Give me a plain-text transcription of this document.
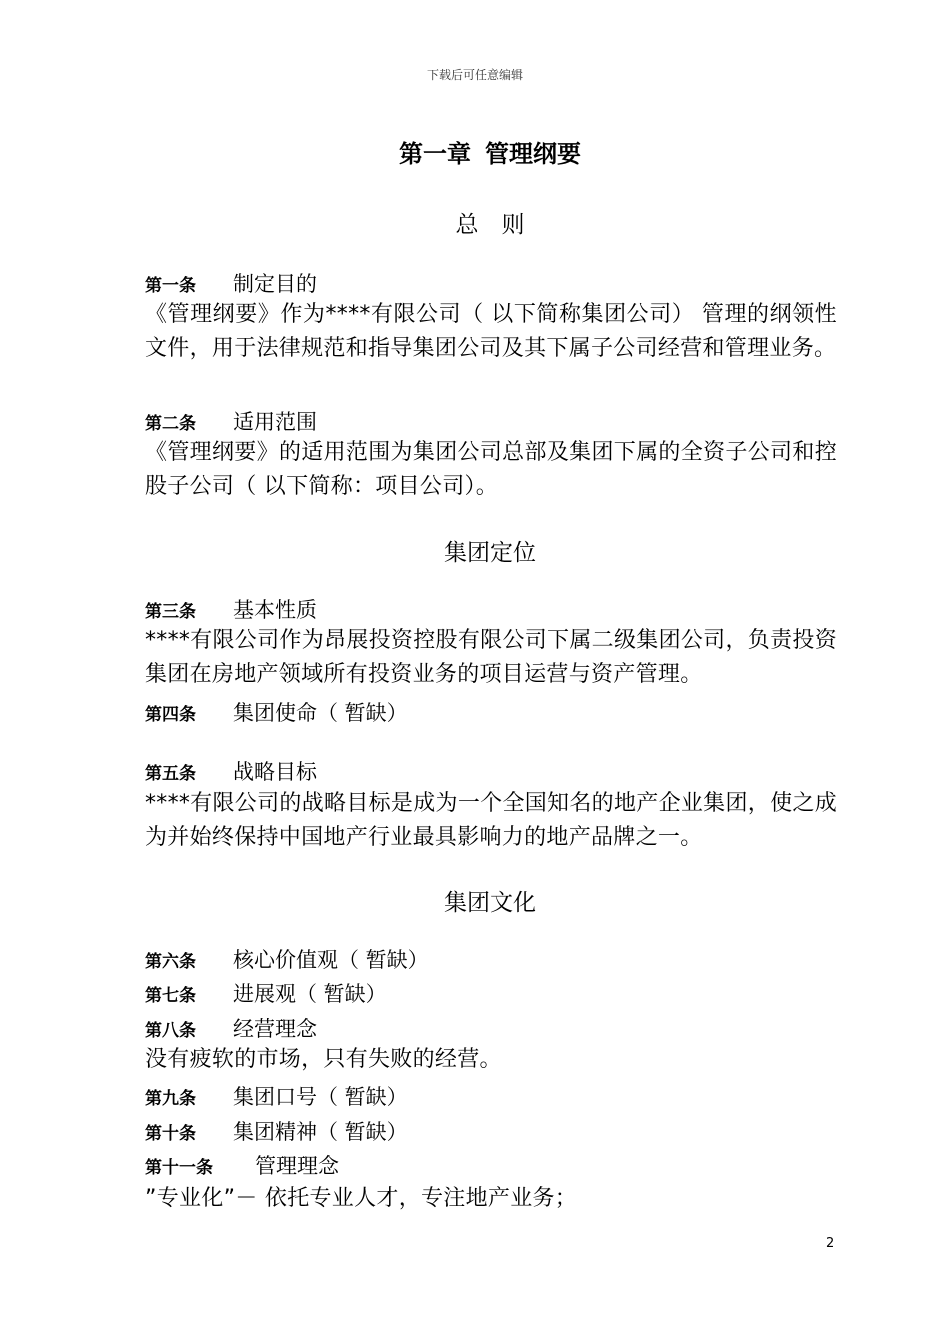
下载后可任意编辑
第一章 管理纲要
总　则
第一条 制定目的
《管理纲要》作为****有限公司（ 以下简称集团公司） 管理的纲领性文件，用于法律规范和指导集团公司及其下属子公司经营和管理业务。
第二条 适用范围
《管理纲要》的适用范围为集团公司总部及集团下属的全资子公司和控股子公司（ 以下简称：项目公司）。
集团定位
第三条 基本性质
****有限公司作为昂展投资控股有限公司下属二级集团公司，负责投资集团在房地产领域所有投资业务的项目运营与资产管理。
第四条 集团使命（ 暂缺）
第五条 战略目标
****有限公司的战略目标是成为一个全国知名的地产企业集团，使之成为并始终保持中国地产行业最具影响力的地产品牌之一。
集团文化
第六条 核心价值观（ 暂缺）
第七条 进展观（ 暂缺）
第八条 经营理念
没有疲软的市场，只有失败的经营。
第九条 集团口号（ 暂缺）
第十条 集团精神（ 暂缺）
第十一条 管理理念
”专业化”－ 依托专业人才，专注地产业务；
2
